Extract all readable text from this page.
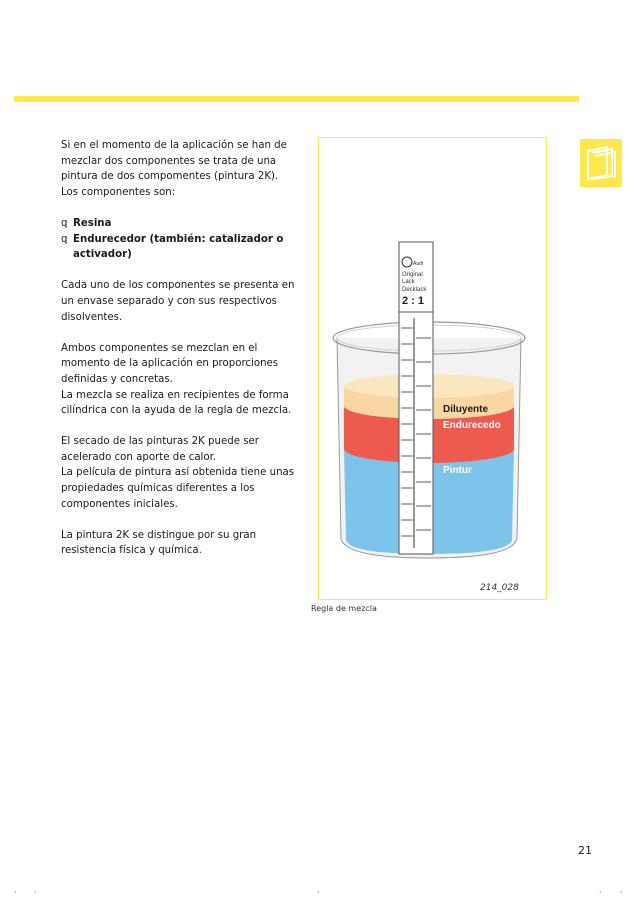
Si en el momento de la aplicación se han de mezclar dos componentes se trata de una pintura de dos compomentes (pintura 2K).

Los componentes son:

q Resina
q Endurecedor (también: catalizador o activador)

Cada uno de los componentes se presenta en un envase separado y con sus respectivos disolventes.

Ambos componentes se mezclan en el momento de la aplicación en proporciones definidas y concretas.

La mezcla se realiza en recipientes de forma cilíndrica con la ayuda de la regla de mezcla.

El secado de las pinturas 2K puede ser acelerado con aporte de calor.

La película de pintura así obtenida tiene unas propiedades químicas diferentes a los componentes iniciales.

La pintura 2K se distingue por su gran resistencia física y química.

Audi
Original
Lack
Decklack
2 : 1
Diluyente
Endurecedo
Pintur
214_028
Regla de mezcla
21
· ·	·	· ·
